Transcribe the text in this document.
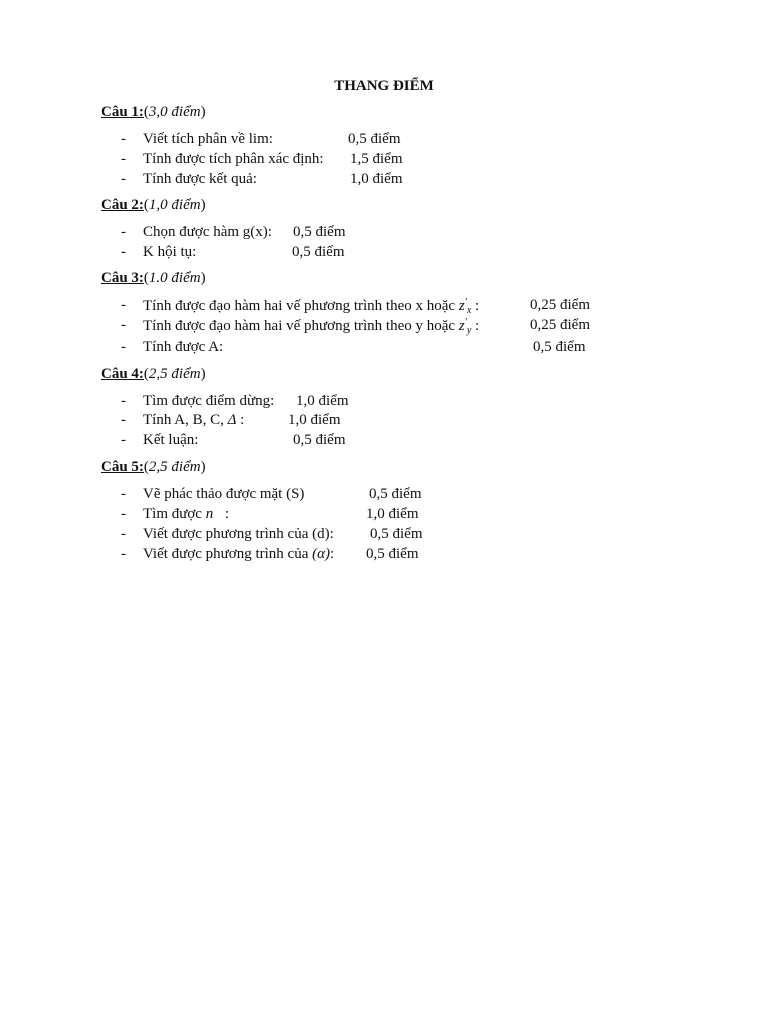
THANG ĐIỂM
Câu 1:(3,0 điểm)
- Viết tích phân về lim:	0,5 điểm
- Tính được tích phân xác định: 1,5 điểm
- Tính được kết quả:	1,0 điểm
Câu 2:(1,0 điểm)
- Chọn được hàm g(x): 0,5 điểm
- K hội tụ:	0,5 điểm
Câu 3:(1.0 điểm)
- Tính được đạo hàm hai vế phương trình theo x hoặc $z'_x$ :	0,25 điểm
- Tính được đạo hàm hai vế phương trình theo y hoặc $z'_y$ :	0,25 điểm
- Tính được A:	0,5 điểm
Câu 4:(2,5 điểm)
- Tìm được điểm dừng: 1,0 điểm
- Tính A, B, C, Δ :	1,0 điểm
- Kết luận:	0,5 điểm
Câu 5:(2,5 điểm)
- Vẽ phác thảo được mặt (S)	0,5 điểm
- Tìm được n⃗:	1,0 điểm
- Viết được phương trình của (d): 0,5 điểm
- Viết được phương trình của (α): 0,5 điểm
